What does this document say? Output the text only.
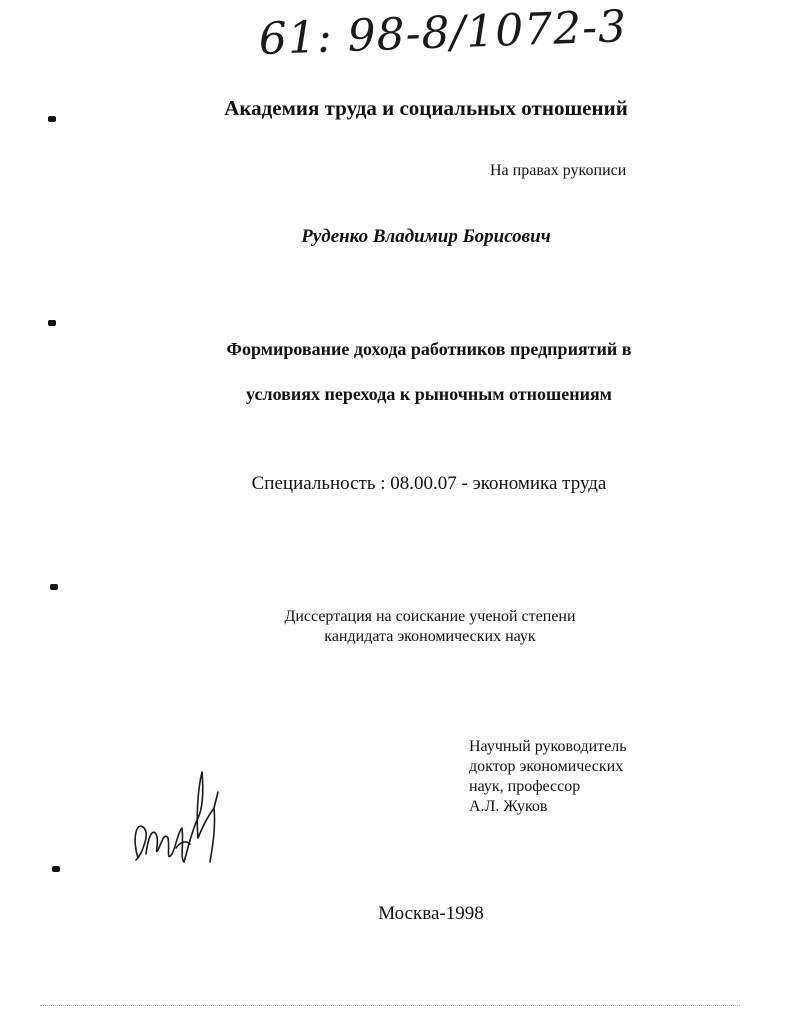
61: 98-8/1072-3
Академия труда и социальных отношений
На правах рукописи
Руденко Владимир Борисович
Формирование дохода работников предприятий в
условиях перехода к рыночным отношениям
Специальность : 08.00.07 - экономика труда
Диссертация на соискание ученой степени
кандидата экономических наук
Научный руководитель
доктор экономических
наук, профессор
А.Л. Жуков
Москва-1998
